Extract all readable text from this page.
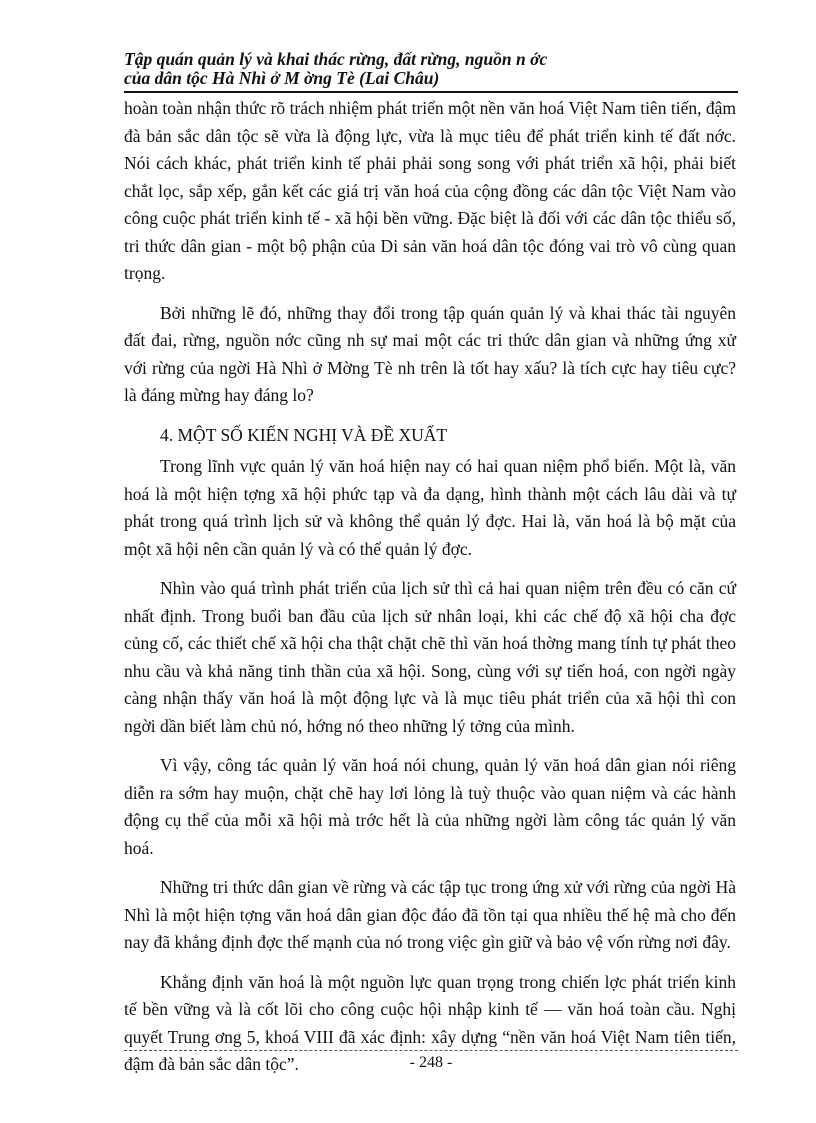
Tập quán quản lý và khai thác rừng, đất rừng, nguồn n ớc
của dân tộc Hà Nhì ở M ờng Tè (Lai Châu)

hoàn toàn nhận thức rõ trách nhiệm phát triển một nền văn hoá Việt Nam tiên tiến, đậm đà bản sắc dân tộc sẽ vừa là động lực, vừa là mục tiêu để phát triển kinh tế đất nớc. Nói cách khác, phát triển kinh tế phải phải song song với phát triển xã hội, phải biết chắt lọc, sắp xếp, gắn kết các giá trị văn hoá của cộng đồng các dân tộc Việt Nam vào công cuộc phát triển kinh tế - xã hội bền vững. Đặc biệt là đối với các dân tộc thiểu số, tri thức dân gian - một bộ phận của Di sản văn hoá dân tộc đóng vai trò vô cùng quan trọng.

Bởi những lẽ đó, những thay đổi trong tập quán quản lý và khai thác tài nguyên đất đai, rừng, nguồn nớc cũng nh sự mai một các tri thức dân gian và những ứng xử với rừng của ngời Hà Nhì ở Mờng Tè nh trên là tốt hay xấu? là tích cực hay tiêu cực? là đáng mừng hay đáng lo?

4. MỘT SỐ KIẾN NGHỊ VÀ ĐỀ XUẤT

Trong lĩnh vực quản lý văn hoá hiện nay có hai quan niệm phổ biến. Một là, văn hoá là một hiện tợng xã hội phức tạp và đa dạng, hình thành một cách lâu dài và tự phát trong quá trình lịch sử và không thể quản lý đợc. Hai là, văn hoá là bộ mặt của một xã hội nên cần quản lý và có thể quản lý đợc.

Nhìn vào quá trình phát triển của lịch sử thì cả hai quan niệm trên đều có căn cứ nhất định. Trong buổi ban đầu của lịch sử nhân loại, khi các chế độ xã hội cha đợc củng cố, các thiết chế xã hội cha thật chặt chẽ thì văn hoá thờng mang tính tự phát theo nhu cầu và khả năng tinh thần của xã hội. Song, cùng với sự tiến hoá, con ngời ngày càng nhận thấy văn hoá là một động lực và là mục tiêu phát triển của xã hội thì con ngời dần biết làm chủ nó, hớng nó theo những lý tởng của mình.

Vì vậy, công tác quản lý văn hoá nói chung, quản lý văn hoá dân gian nói riêng diễn ra sớm hay muộn, chặt chẽ hay lơi lỏng là tuỳ thuộc vào quan niệm và các hành động cụ thể của mỗi xã hội mà trớc hết là của những ngời làm công tác quản lý văn hoá.

Những tri thức dân gian về rừng và các tập tục trong ứng xử với rừng của ngời Hà Nhì là một hiện tợng văn hoá dân gian độc đáo đã tồn tại qua nhiều thế hệ mà cho đến nay đã khẳng định đợc thế mạnh của nó trong việc gìn giữ và bảo vệ vốn rừng nơi đây.

Khẳng định văn hoá là một nguồn lực quan trọng trong chiến lợc phát triển kinh tế bền vững và là cốt lõi cho công cuộc hội nhập kinh tế — văn hoá toàn cầu. Nghị quyết Trung ơng 5, khoá VIII đã xác định: xây dựng “nền văn hoá Việt Nam tiên tiến, đậm đà bản sắc dân tộc”.	- 248 -
